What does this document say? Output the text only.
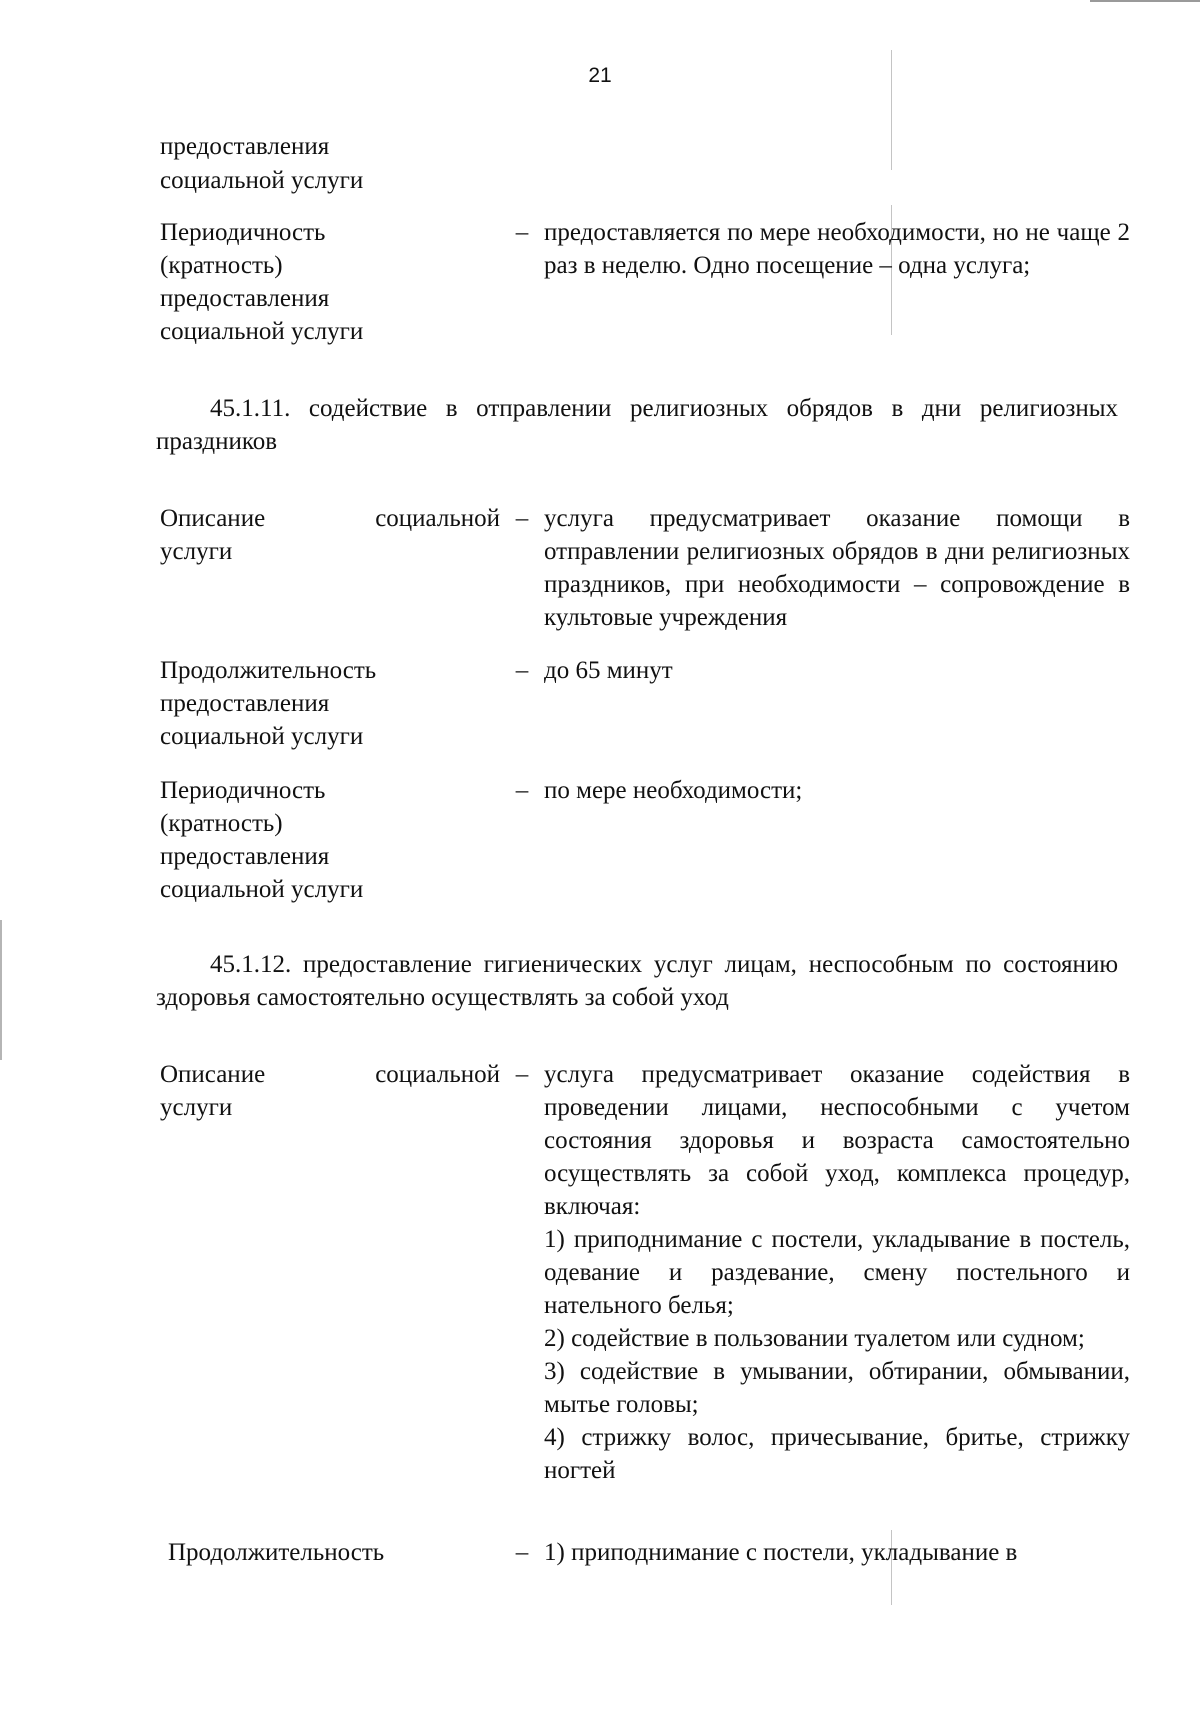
21

предоставления

социальной услуги

Периодичность
(кратность)
предоставления
социальной услуги
– предоставляется по мере необходимости, но не чаще 2 раз в неделю. Одно посещение – одна услуга;

45.1.11. содействие в отправлении религиозных обрядов в дни религиозных праздников

Описание	социальной
услуги
– услуга предусматривает оказание помощи в отправлении религиозных обрядов в дни религиозных праздников, при необходимости – сопровождение в культовые учреждения
Продолжительность
предоставления
социальной услуги
– до 65 минут
Периодичность
(кратность)
предоставления
социальной услуги
– по мере необходимости;

45.1.12. предоставление гигиенических услуг лицам, неспособным по состоянию здоровья самостоятельно осуществлять за собой уход

Описание	социальной
услуги
– услуга предусматривает оказание содействия в проведении лицами, неспособными с учетом состояния здоровья и возраста самостоятельно осуществлять за собой уход, комплекса процедур, включая:

1) приподнимание с постели, укладывание в постель, одевание и раздевание, смену постельного и нательного белья;

2) содействие в пользовании туалетом или судном;

3) содействие в умывании, обтирании, обмывании, мытье головы;

4) стрижку волос, причесывание, бритье, стрижку ногтей

Продолжительность	– 1) приподнимание с постели, укладывание в
